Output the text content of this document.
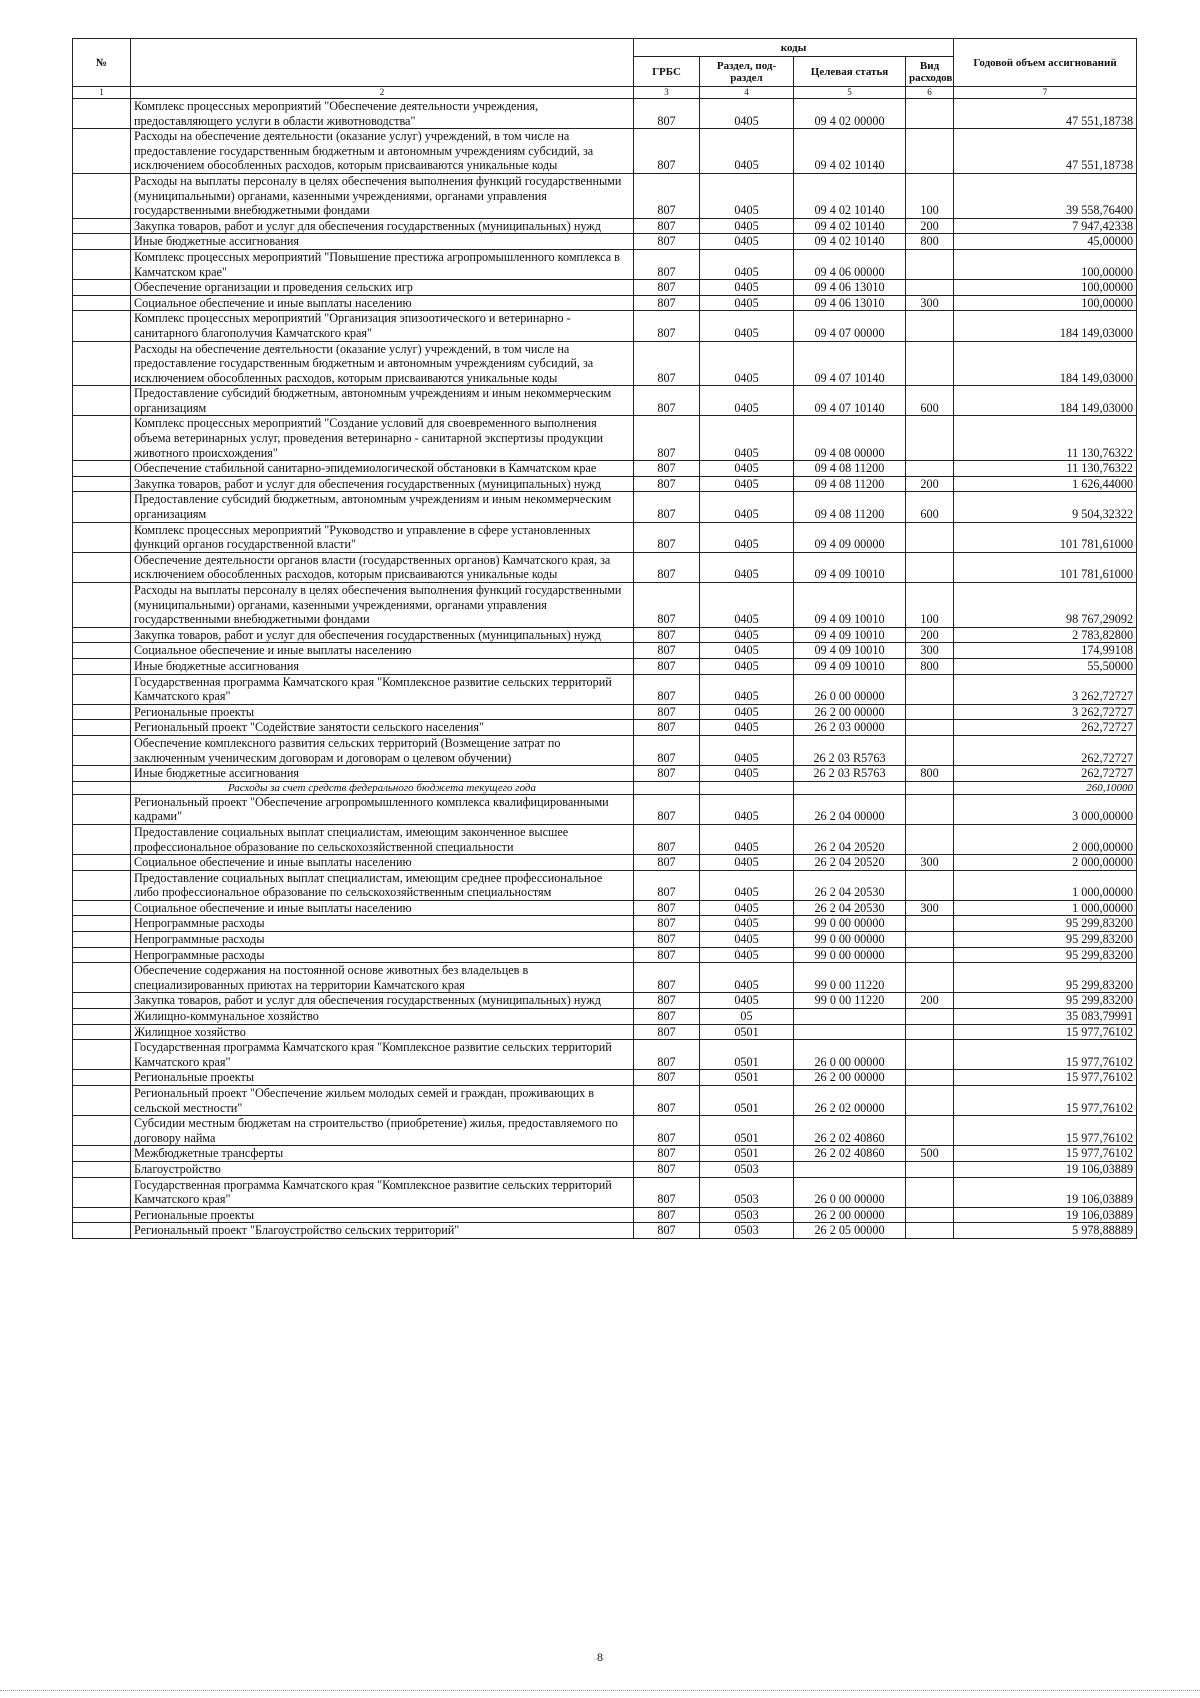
№		коды				Годовой объем ассигнований
		ГРБС	Раздел, под-раздел	Целевая статья	Вид расходов	
1	2	3	4	5	6	7
	Комплекс процессных мероприятий "Обеспечение деятельности учреждения, предоставляющего услуги в области животноводства"	807	0405	09 4 02 00000		47 551,18738
	Расходы на обеспечение деятельности (оказание услуг) учреждений, в том числе на предоставление государственным бюджетным и автономным учреждениям субсидий, за исключением обособленных расходов, которым присваиваются уникальные коды	807	0405	09 4 02 10140		47 551,18738
	Расходы на выплаты персоналу в целях обеспечения выполнения функций государственными (муниципальными) органами, казенными учреждениями, органами управления государственными внебюджетными фондами	807	0405	09 4 02 10140	100	39 558,76400
	Закупка товаров, работ и услуг для обеспечения государственных (муниципальных) нужд	807	0405	09 4 02 10140	200	7 947,42338
	Иные бюджетные ассигнования	807	0405	09 4 02 10140	800	45,00000
	Комплекс процессных мероприятий "Повышение престижа агропромышленного комплекса в Камчатском крае"	807	0405	09 4 06 00000		100,00000
	Обеспечение организации и проведения сельских игр	807	0405	09 4 06 13010		100,00000
	Социальное обеспечение и иные выплаты населению	807	0405	09 4 06 13010	300	100,00000
	Комплекс процессных мероприятий "Организация эпизоотического и ветеринарно - санитарного благополучия Камчатского края"	807	0405	09 4 07 00000		184 149,03000
	Расходы на обеспечение деятельности (оказание услуг) учреждений, в том числе на предоставление государственным бюджетным и автономным учреждениям субсидий, за исключением обособленных расходов, которым присваиваются уникальные коды	807	0405	09 4 07 10140		184 149,03000
	Предоставление субсидий бюджетным, автономным учреждениям и иным некоммерческим организациям	807	0405	09 4 07 10140	600	184 149,03000
	Комплекс процессных мероприятий "Создание условий для своевременного выполнения объема ветеринарных услуг, проведения ветеринарно - санитарной экспертизы продукции животного происхождения"	807	0405	09 4 08 00000		11 130,76322
	Обеспечение стабильной санитарно-эпидемиологической обстановки в Камчатском крае	807	0405	09 4 08 11200		11 130,76322
	Закупка товаров, работ и услуг для обеспечения государственных (муниципальных) нужд	807	0405	09 4 08 11200	200	1 626,44000
	Предоставление субсидий бюджетным, автономным учреждениям и иным некоммерческим организациям	807	0405	09 4 08 11200	600	9 504,32322
	Комплекс процессных мероприятий "Руководство и управление в сфере установленных функций органов государственной власти"	807	0405	09 4 09 00000		101 781,61000
	Обеспечение деятельности органов власти (государственных органов) Камчатского края, за исключением обособленных расходов, которым присваиваются уникальные коды	807	0405	09 4 09 10010		101 781,61000
	Расходы на выплаты персоналу в целях обеспечения выполнения функций государственными (муниципальными) органами, казенными учреждениями, органами управления государственными внебюджетными фондами	807	0405	09 4 09 10010	100	98 767,29092
	Закупка товаров, работ и услуг для обеспечения государственных (муниципальных) нужд	807	0405	09 4 09 10010	200	2 783,82800
	Социальное обеспечение и иные выплаты населению	807	0405	09 4 09 10010	300	174,99108
	Иные бюджетные ассигнования	807	0405	09 4 09 10010	800	55,50000
	Государственная программа Камчатского края "Комплексное развитие сельских территорий Камчатского края"	807	0405	26 0 00 00000		3 262,72727
	Региональные проекты	807	0405	26 2 00 00000		3 262,72727
	Региональный проект "Содействие занятости сельского населения"	807	0405	26 2 03 00000		262,72727
	Обеспечение комплексного развития сельских территорий (Возмещение затрат по заключенным ученическим договорам и договорам о целевом обучении)	807	0405	26 2 03 R5763		262,72727
	Иные бюджетные ассигнования	807	0405	26 2 03 R5763	800	262,72727
	Расходы за счет средств федерального бюджета текущего года					260,10000
	Региональный проект "Обеспечение агропромышленного комплекса квалифицированными кадрами"	807	0405	26 2 04 00000		3 000,00000
	Предоставление социальных выплат специалистам, имеющим законченное высшее профессиональное образование по сельскохозяйственной специальности	807	0405	26 2 04 20520		2 000,00000
	Социальное обеспечение и иные выплаты населению	807	0405	26 2 04 20520	300	2 000,00000
	Предоставление социальных выплат специалистам, имеющим среднее профессиональное либо профессиональное образование по сельскохозяйственным специальностям	807	0405	26 2 04 20530		1 000,00000
	Социальное обеспечение и иные выплаты населению	807	0405	26 2 04 20530	300	1 000,00000
	Непрограммные расходы	807	0405	99 0 00 00000		95 299,83200
	Непрограммные расходы	807	0405	99 0 00 00000		95 299,83200
	Непрограммные расходы	807	0405	99 0 00 00000		95 299,83200
	Обеспечение содержания на постоянной основе животных без владельцев в специализированных приютах на территории Камчатского края	807	0405	99 0 00 11220		95 299,83200
	Закупка товаров, работ и услуг для обеспечения государственных (муниципальных) нужд	807	0405	99 0 00 11220	200	95 299,83200
	Жилищно-коммунальное хозяйство	807	05			35 083,79991
	Жилищное хозяйство	807	0501			15 977,76102
	Государственная программа Камчатского края "Комплексное развитие сельских территорий Камчатского края"	807	0501	26 0 00 00000		15 977,76102
	Региональные проекты	807	0501	26 2 00 00000		15 977,76102
	Региональный проект "Обеспечение жильем молодых семей и граждан, проживающих в сельской местности"	807	0501	26 2 02 00000		15 977,76102
	Субсидии местным бюджетам на строительство (приобретение) жилья, предоставляемого по договору найма	807	0501	26 2 02 40860		15 977,76102
	Межбюджетные трансферты	807	0501	26 2 02 40860	500	15 977,76102
	Благоустройство	807	0503			19 106,03889
	Государственная программа Камчатского края "Комплексное развитие сельских территорий Камчатского края"	807	0503	26 0 00 00000		19 106,03889
	Региональные проекты	807	0503	26 2 00 00000		19 106,03889
	Региональный проект "Благоустройство сельских территорий"	807	0503	26 2 05 00000		5 978,88889
8
